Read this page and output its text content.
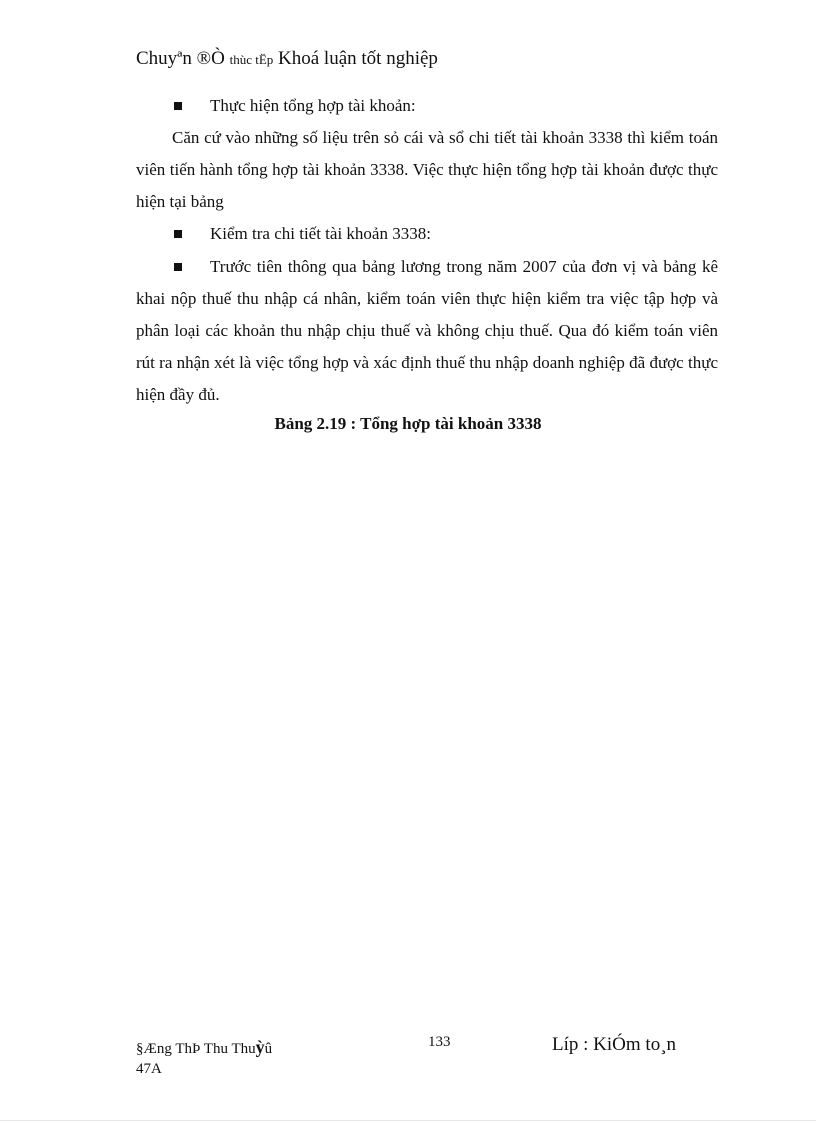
Chuyªn ®Ò thùc tËp Khoá luận tốt nghiệp
Thực hiện tổng hợp tài khoản:

Căn cứ vào những số liệu trên sỏ cái và sổ chi tiết tài khoản 3338 thì kiểm toán viên tiến hành tổng hợp tài khoản 3338. Việc thực hiện tổng hợp tài khoản được thực hiện tại bảng

Kiểm tra chi tiết tài khoản 3338:

Trước tiên thông qua bảng lương trong năm 2007 của đơn vị và bảng kê khai nộp thuế thu nhập cá nhân, kiểm toán viên thực hiện kiểm tra việc tập hợp và phân loại các khoản thu nhập chịu thuế và không chịu thuế. Qua đó kiểm toán viên rút ra nhận xét là việc tổng hợp và xác định thuế thu nhập doanh nghiệp đã được thực hiện đầy đủ.

Bảng 2.19 : Tổng hợp tài khoản 3338
§Æng ThÞ Thu Thuỳû
47A
133	Líp : KiÓm to¸n
